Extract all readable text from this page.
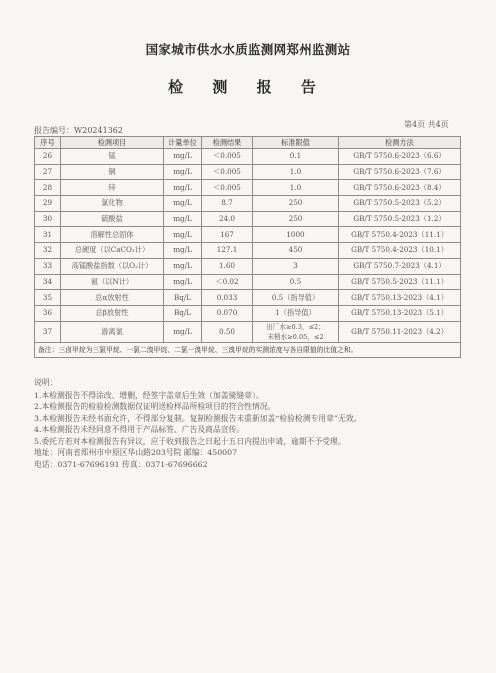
国家城市供水水质监测网郑州监测站
检 测 报 告
第4页 共4页
报告编号：W20241362
序号	检测项目	计量单位	检测结果	标准限值	检测方法
26	锰	mg/L	＜0.005	0.1	GB/T 5750.6-2023（6.6）
27	铜	mg/L	＜0.005	1.0	GB/T 5750.6-2023（7.6）
28	锌	mg/L	＜0.005	1.0	GB/T 5750.6-2023（8.4）
29	氯化物	mg/L	8.7	250	GB/T 5750.5-2023（5.2）
30	硫酸盐	mg/L	24.0	250	GB/T 5750.5-2023（1.2）
31	溶解性总固体	mg/L	167	1000	GB/T 5750.4-2023（11.1）
32	总硬度（以CaCO₃计）	mg/L	127.1	450	GB/T 5750.4-2023（10.1）
33	高锰酸盐指数（以O₂计）	mg/L	1.60	3	GB/T 5750.7-2023（4.1）
34	氨（以N计）	mg/L	＜0.02	0.5	GB/T 5750.5-2023（11.1）
35	总α放射性	Bq/L	0.033	0.5（指导值）	GB/T 5750.13-2023（4.1）
36	总β放射性	Bq/L	0.070	1（指导值）	GB/T 5750.13-2023（5.1）
37	游离氯	mg/L	0.50	出厂水≥0.3，≤2；
末梢水≥0.05，≤2	GB/T 5750.11-2023（4.2）
备注：三卤甲烷为三氯甲烷、一氯二溴甲烷、二氯一溴甲烷、三溴甲烷的实测浓度与各自限值的比值之和。					
说明：
1.本检测报告不得涂改、增删，经签字盖章后生效（加盖骑缝章）。
2.本检测报告的检验检测数据仅证明送检样品所检项目的符合性情况。
3.本检测报告未经书面允许，不得部分复制。复制检测报告未重新加盖“检验检测专用章”无效。
4.本检测报告未经同意不得用于产品标签、广告及商品宣传。
5.委托方若对本检测报告有异议，应于收到报告之日起十五日内提出申请，逾期不予受理。
地址：河南省郑州市中原区华山路203号院 邮编：450007
电话：0371-67696191 传真：0371-67696662
